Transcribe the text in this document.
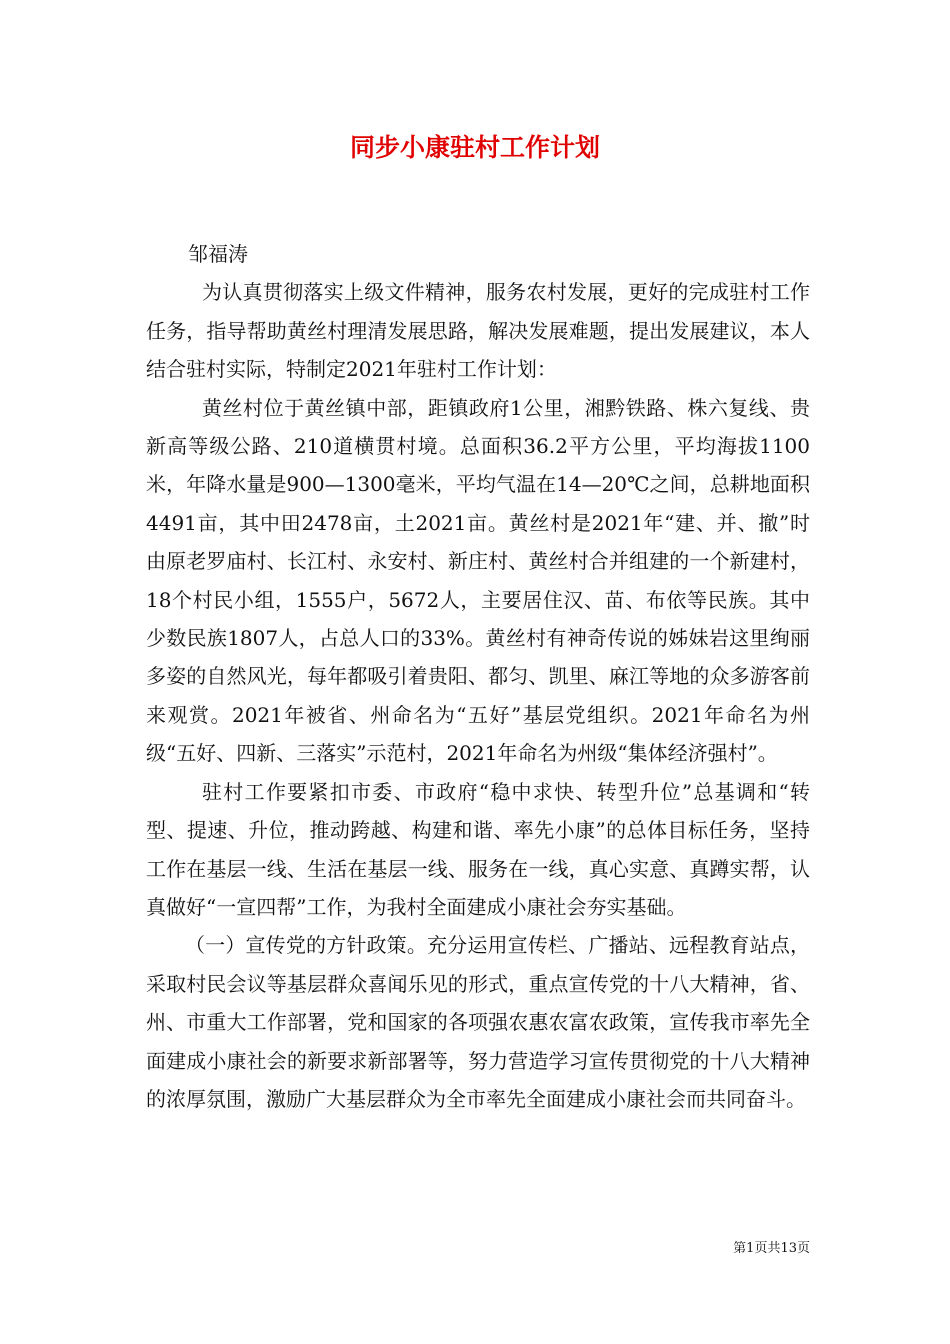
同步小康驻村工作计划

邹福涛

为认真贯彻落实上级文件精神，服务农村发展，更好的完成驻村工作任务，指导帮助黄丝村理清发展思路，解决发展难题，提出发展建议，本人结合驻村实际，特制定2021年驻村工作计划：

黄丝村位于黄丝镇中部，距镇政府1公里，湘黔铁路、株六复线、贵新高等级公路、210道横贯村境。总面积36.2平方公里，平均海拔1100米，年降水量是900—1300毫米，平均气温在14—20℃之间，总耕地面积4491亩，其中田2478亩，土2021亩。黄丝村是2021年“建、并、撤”时由原老罗庙村、长江村、永安村、新庄村、黄丝村合并组建的一个新建村，18个村民小组，1555户，5672人，主要居住汉、苗、布依等民族。其中少数民族1807人，占总人口的33%。黄丝村有神奇传说的姊妹岩这里绚丽多姿的自然风光，每年都吸引着贵阳、都匀、凯里、麻江等地的众多游客前来观赏。2021年被省、州命名为“五好”基层党组织。2021年命名为州级“五好、四新、三落实”示范村，2021年命名为州级“集体经济强村”。

驻村工作要紧扣市委、市政府“稳中求快、转型升位”总基调和“转型、提速、升位，推动跨越、构建和谐、率先小康”的总体目标任务，坚持工作在基层一线、生活在基层一线、服务在一线，真心实意、真蹲实帮，认真做好“一宣四帮”工作，为我村全面建成小康社会夯实基础。

（一）宣传党的方针政策。充分运用宣传栏、广播站、远程教育站点，采取村民会议等基层群众喜闻乐见的形式，重点宣传党的十八大精神，省、州、市重大工作部署，党和国家的各项强农惠农富农政策，宣传我市率先全面建成小康社会的新要求新部署等，努力营造学习宣传贯彻党的十八大精神的浓厚氛围，激励广大基层群众为全市率先全面建成小康社会而共同奋斗。

第1页共13页
